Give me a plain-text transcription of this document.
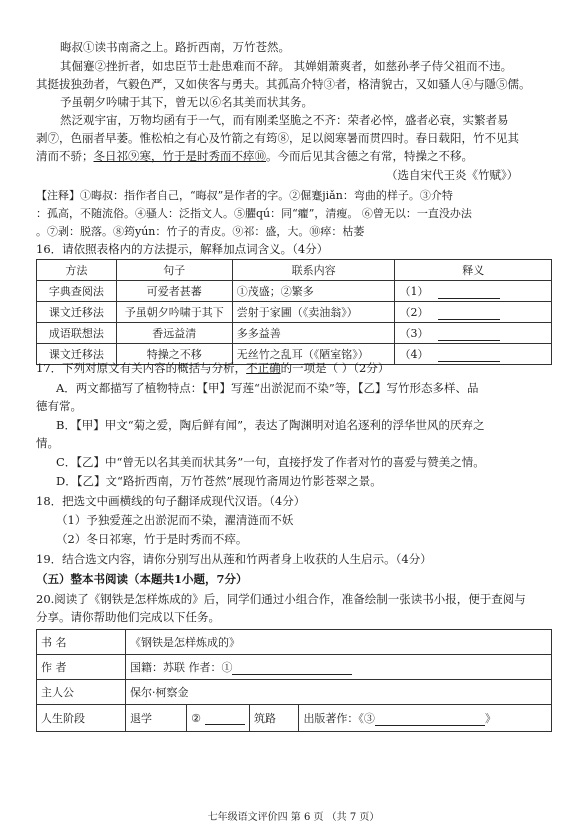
晦叔①读书南斋之上。路折西南，万竹苍然。
其倔蹇②挫折者，如忠臣节士赴患难而不辞。 其婵娟萧爽者，如慈孙孝子侍父祖而不违。
其挺拔独劲者，气毅色严，又如侠客与勇夫。其孤高介特③者，格清貌古，又如骚人④与隱⑤儒。
予虽朝夕吟啸于其下，曾无以⑥名其美而状其务。
然泛观宇宙，万物均函有于一气，而有刚柔坚脆之不齐：荣者必悴，盛者必衰，实繁者易
剥⑦，色丽者早萎。惟松柏之有心及竹箭之有筠⑧，足以阅寒暑而贯四时。春日载阳，竹不见其
清而不骄；冬日祁⑨寒，竹于是时秀而不瘁⑩。今而后见其含德之有常，特操之不移。
（选自宋代王炎《竹赋》）
【注释】①晦叔：指作者自己，“晦叔”是作者的字。②倔蹇jiǎn：弯曲的样子。③介特
：孤高，不随流俗。④骚人：泛指文人。⑤臞qú：同“癯”，清瘦。 ⑥曾无以：一直没办法
。⑦剥：脱落。⑧筠yún：竹子的青皮。⑨祁：盛，大。⑩瘁：枯萎
16．请依照表格内的方法提示，解释加点词含义。（4分）
方法	句子	联系内容	释义
字典查阅法	可爱者甚蕃	①茂盛；②繁多	（1）
课文迁移法	予虽朝夕吟啸于其下	尝射于家圃（《卖油翁》）	（2）
成语联想法	香远益清	多多益善	（3）
课文迁移法	特操之不移	无丝竹之乱耳（《陋室铭》）	（4）
17．下列对原文有关内容的概括与分析，不正确的一项是（ ）（2分）
A．两文都描写了植物特点：【甲】写莲“出淤泥而不染”等，【乙】写竹形态多样、品
德有常。
B．【甲】甲文“菊之爱，陶后鲜有闻”，表达了陶渊明对追名逐利的浮华世风的厌弃之
情。
C．【乙】中“曾无以名其美而状其务”一句，直接抒发了作者对竹的喜爱与赞美之情。
D．【乙】文“路折西南，万竹苍然”展现竹斋周边竹影苍翠之景。
18．把选文中画横线的句子翻译成现代汉语。（4分）
（1）予独爱莲之出淤泥而不染，濯清涟而不妖
（2）冬日祁寒，竹于是时秀而不瘁。
19．结合选文内容，请你分别写出从莲和竹两者身上收获的人生启示。（4分）
（五）整本书阅读（本题共1小题，7分）
20.阅读了《钢铁是怎样炼成的》后，同学们通过小组合作，准备绘制一张读书小报，便于查阅与
分享。请你帮助他们完成以下任务。
书 名	《钢铁是怎样炼成的》			
作 者	国籍：苏联 作者：①			
主人公	保尔·柯察金			
人生阶段	退学	②	筑路	出版著作：《③ 》
七年级语文评价四 第 6 页 （共 7 页）
